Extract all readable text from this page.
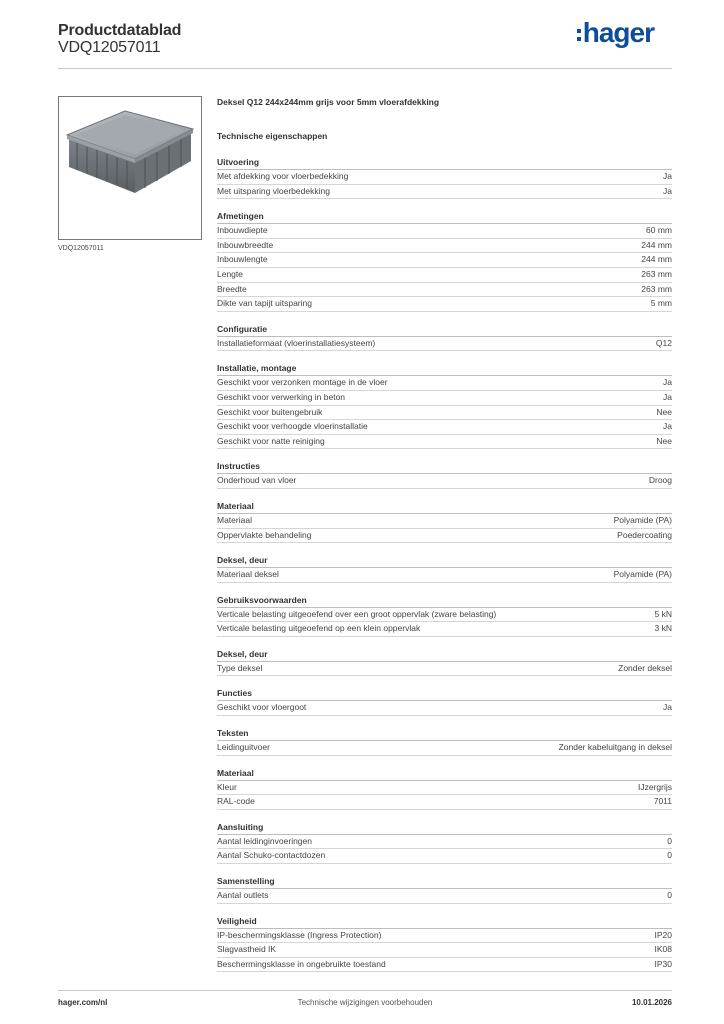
Productdatablad
VDQ12057011	hager
VDQ12057011
Deksel Q12 244x244mm grijs voor 5mm vloerafdekking
Technische eigenschappen
Uitvoering
Met afdekking voor vloerbedekking	Ja
Met uitsparing vloerbedekking	Ja
Afmetingen
Inbouwdiepte	60 mm
Inbouwbreedte	244 mm
Inbouwlengte	244 mm
Lengte	263 mm
Breedte	263 mm
Dikte van tapijt uitsparing	5 mm
Configuratie
Installatieformaat (vloerinstallatiesysteem)	Q12
Installatie, montage
Geschikt voor verzonken montage in de vloer	Ja
Geschikt voor verwerking in beton	Ja
Geschikt voor buitengebruik	Nee
Geschikt voor verhoogde vloerinstallatie	Ja
Geschikt voor natte reiniging	Nee
Instructies
Onderhoud van vloer	Droog
Materiaal
Materiaal	Polyamide (PA)
Oppervlakte behandeling	Poedercoating
Deksel, deur
Materiaal deksel	Polyamide (PA)
Gebruiksvoorwaarden
Verticale belasting uitgeoefend over een groot oppervlak (zware belasting)	5 kN
Verticale belasting uitgeoefend op een klein oppervlak	3 kN
Deksel, deur
Type deksel	Zonder deksel
Functies
Geschikt voor vloergoot	Ja
Teksten
Leidinguitvoer	Zonder kabeluitgang in deksel
Materiaal
Kleur	IJzergrijs
RAL-code	7011
Aansluiting
Aantal leidinginvoeringen	0
Aantal Schuko-contactdozen	0
Samenstelling
Aantal outlets	0
Veiligheid
IP-beschermingsklasse (Ingress Protection)	IP20
Slagvastheid IK	IK08
Beschermingsklasse in ongebruikte toestand	IP30
hager.com/nl	Technische wijzigingen voorbehouden	10.01.2026
